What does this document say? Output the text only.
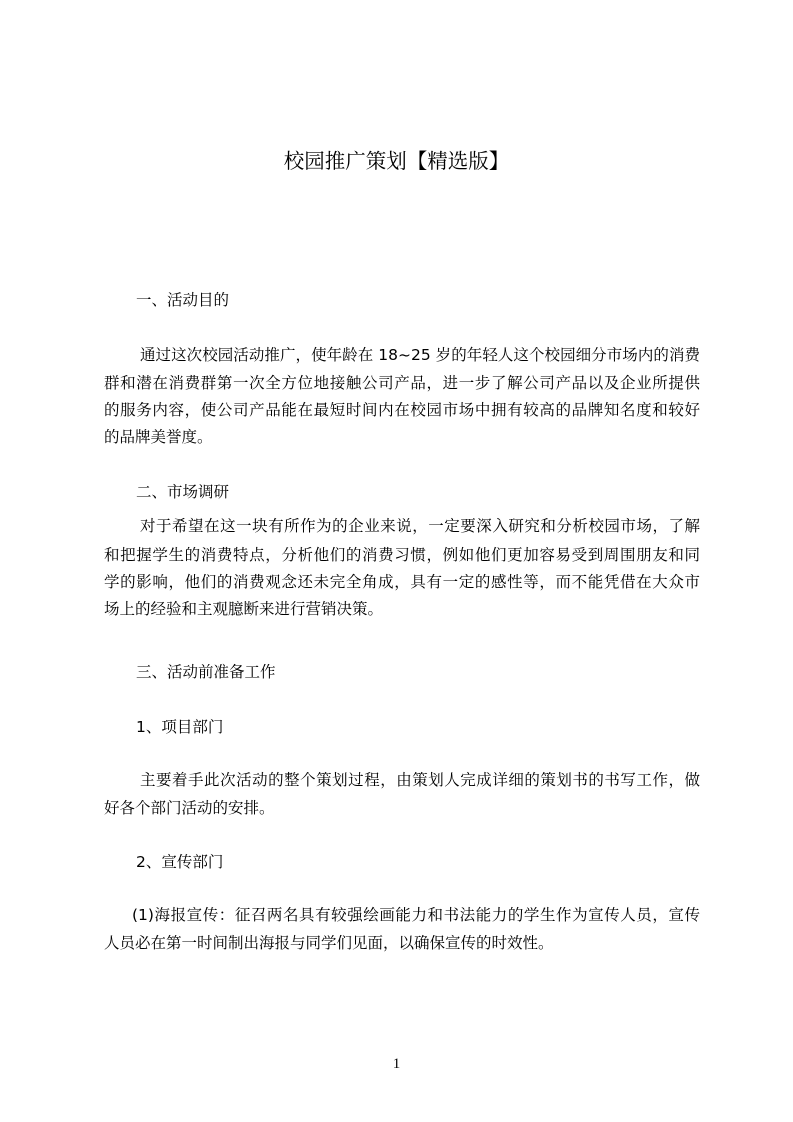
校园推广策划【精选版】
一、活动目的
通过这次校园活动推广，使年龄在 18~25 岁的年轻人这个校园细分市场内的消费
群和潜在消费群第一次全方位地接触公司产品，进一步了解公司产品以及企业所提供
的服务内容，使公司产品能在最短时间内在校园市场中拥有较高的品牌知名度和较好
的品牌美誉度。
二、市场调研
对于希望在这一块有所作为的企业来说，一定要深入研究和分析校园市场，了解
和把握学生的消费特点，分析他们的消费习惯，例如他们更加容易受到周围朋友和同
学的影响，他们的消费观念还未完全角成，具有一定的感性等，而不能凭借在大众市
场上的经验和主观臆断来进行营销决策。
三、活动前准备工作
1、项目部门
主要着手此次活动的整个策划过程，由策划人完成详细的策划书的书写工作，做
好各个部门活动的安排。
2、宣传部门
(1)海报宣传：征召两名具有较强绘画能力和书法能力的学生作为宣传人员，宣传
人员必在第一时间制出海报与同学们见面，以确保宣传的时效性。
1
